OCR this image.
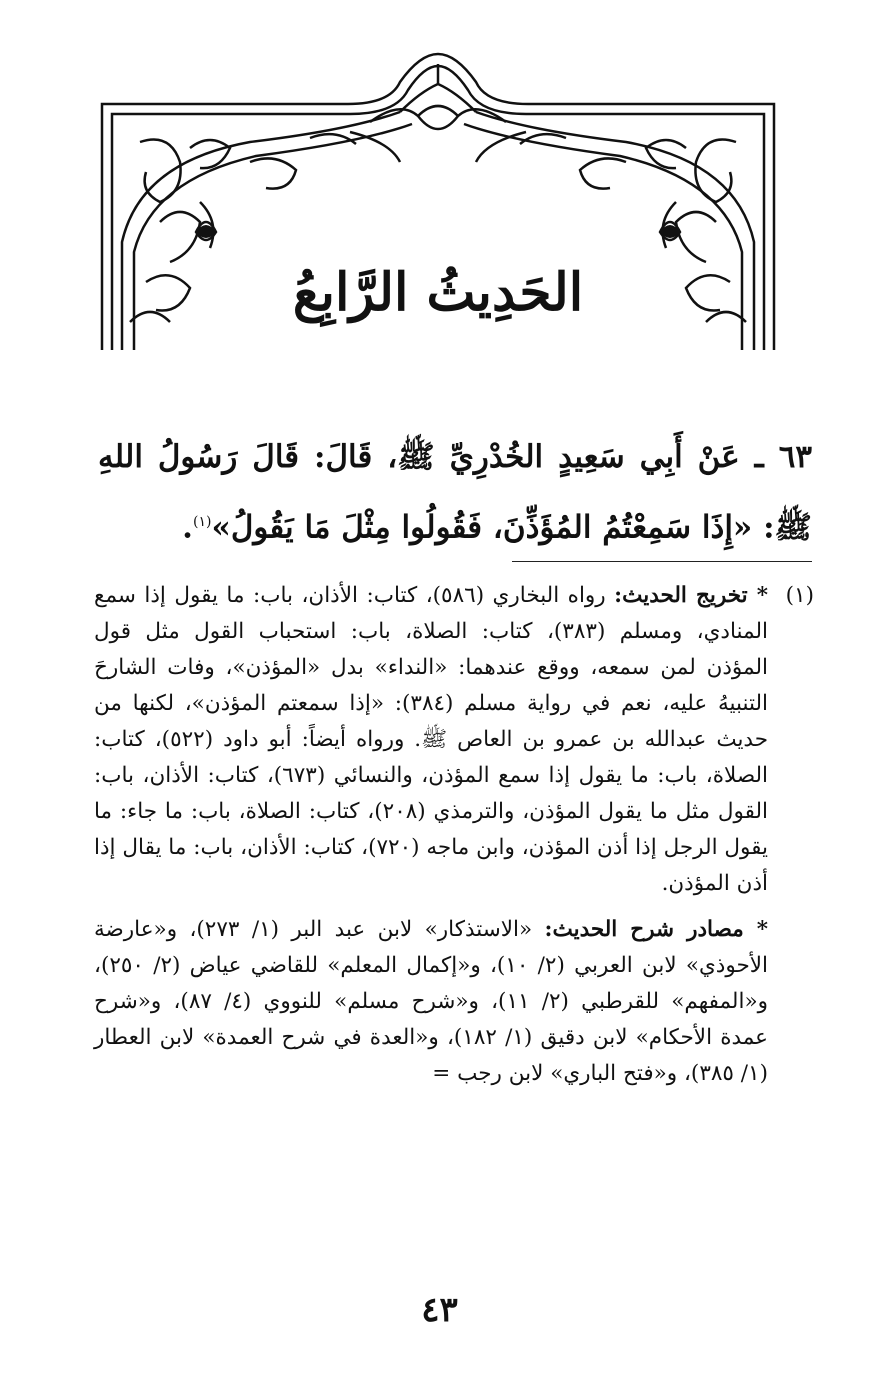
الحَدِيثُ الرَّابِعُ
٦٣ ـ عَنْ أَبِي سَعِيدٍ الخُدْرِيِّ ﷺ، قَالَ: قَالَ رَسُولُ اللهِ ﷺ: «إِذَا سَمِعْتُمُ المُؤَذِّنَ، فَقُولُوا مِثْلَ مَا يَقُولُ»$^{(١)}$.
(١)

* تخريج الحديث: رواه البخاري (٥٨٦)، كتاب: الأذان، باب: ما يقول إذا سمع المنادي، ومسلم (٣٨٣)، كتاب: الصلاة، باب: استحباب القول مثل قول المؤذن لمن سمعه، ووقع عندهما: «النداء» بدل «المؤذن»، وفات الشارحَ التنبيهُ عليه، نعم في رواية مسلم (٣٨٤): «إذا سمعتم المؤذن»، لكنها من حديث عبدالله بن عمرو بن العاص ﷺ. ورواه أيضاً: أبو داود (٥٢٢)، كتاب: الصلاة، باب: ما يقول إذا سمع المؤذن، والنسائي (٦٧٣)، كتاب: الأذان، باب: القول مثل ما يقول المؤذن، والترمذي (٢٠٨)، كتاب: الصلاة، باب: ما جاء: ما يقول الرجل إذا أذن المؤذن، وابن ماجه (٧٢٠)، كتاب: الأذان، باب: ما يقال إذا أذن المؤذن.

* مصادر شرح الحديث: «الاستذكار» لابن عبد البر (١/ ٢٧٣)، و«عارضة الأحوذي» لابن العربي (٢/ ١٠)، و«إكمال المعلم» للقاضي عياض (٢/ ٢٥٠)، و«المفهم» للقرطبي (٢/ ١١)، و«شرح مسلم» للنووي (٤/ ٨٧)، و«شرح عمدة الأحكام» لابن دقيق (١/ ١٨٢)، و«العدة في شرح العمدة» لابن العطار (١/ ٣٨٥)، و«فتح الباري» لابن رجب =

٤٣
